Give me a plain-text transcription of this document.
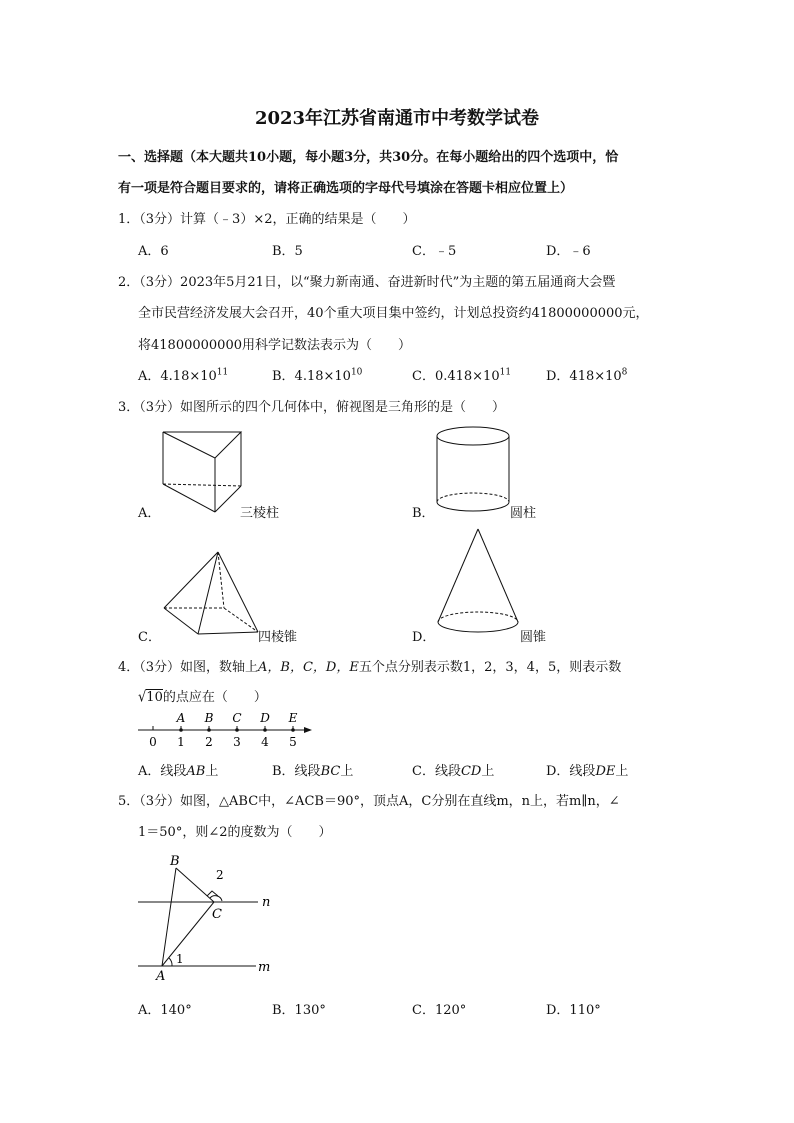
2023年江苏省南通市中考数学试卷
一、选择题（本大题共10小题，每小题3分，共30分。在每小题给出的四个选项中，恰
有一项是符合题目要求的，请将正确选项的字母代号填涂在答题卡相应位置上）
1．（3分）计算（﹣3）×2，正确的结果是（　　）
A．6	B．5	C．﹣5	D．﹣6
2．（3分）2023年5月21日，以“聚力新南通、奋进新时代”为主题的第五届通商大会暨
全市民营经济发展大会召开，40个重大项目集中签约，计划总投资约41800000000元，
将41800000000用科学记数法表示为（　　）
A．$4.18\times 10^{11}$	B．$4.18\times 10^{10}$	C．$0.418\times 10^{11}$	D．$418\times 10^8$
3．（3分）如图所示的四个几何体中，俯视图是三角形的是（　　）
A．	三棱柱	B．	圆柱
C．	四棱锥	D．	圆锥
4．（3分）如图，数轴上A，B，C，D，E五个点分别表示数1，2，3，4，5，则表示数
√10的点应在（　　）
A B C D E
0 1 2 3 4 5
A．线段AB上	B．线段BC上	C．线段CD上	D．线段DE上
5．（3分）如图，△ABC中，∠ACB＝90°，顶点A，C分别在直线m，n上，若m∥n，∠
1＝50°，则∠2的度数为（　　）
B
C
A
n
m
2
1
A．140°	B．130°	C．120°	D．110°
